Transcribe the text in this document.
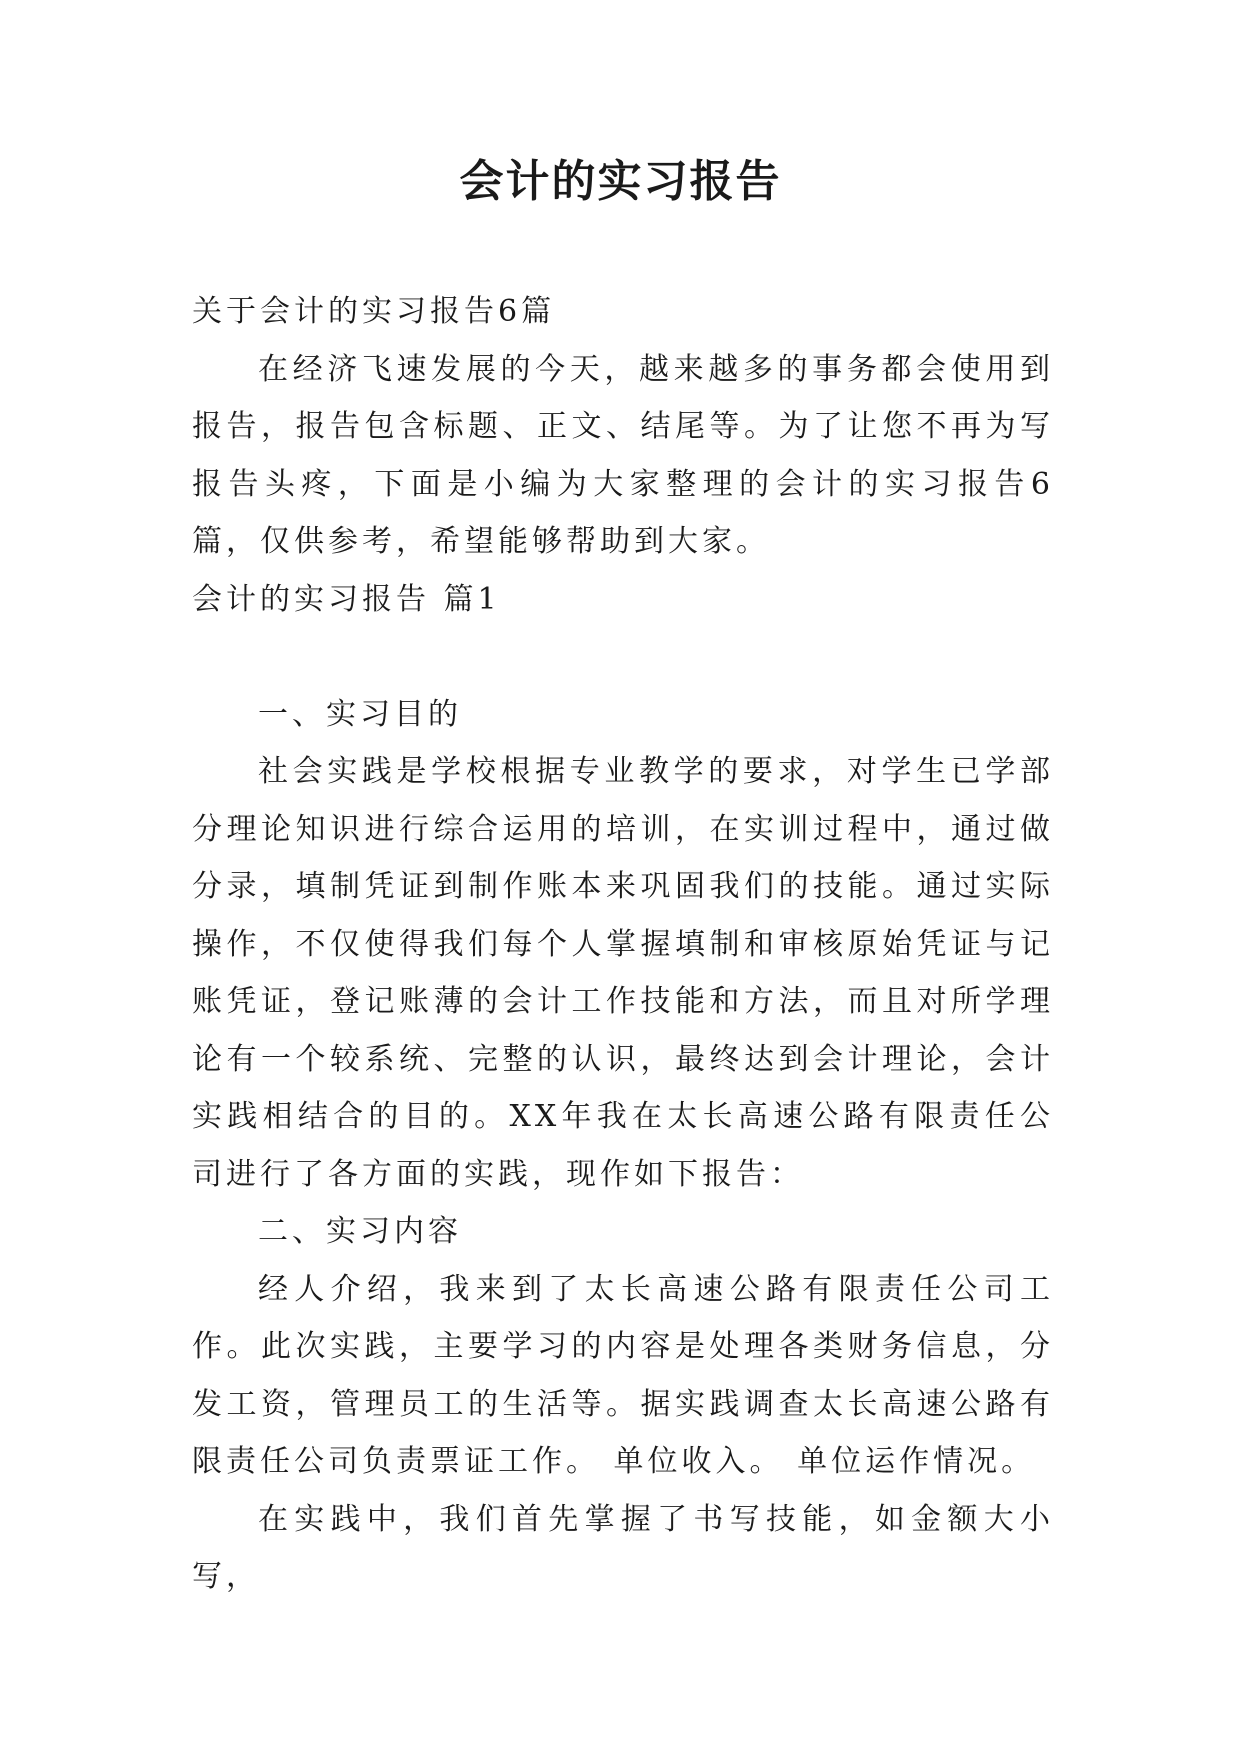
会计的实习报告

关于会计的实习报告6篇

在经济飞速发展的今天，越来越多的事务都会使用到报告，报告包含标题、正文、结尾等。为了让您不再为写报告头疼，下面是小编为大家整理的会计的实习报告6篇，仅供参考，希望能够帮助到大家。

会计的实习报告 篇1

一、实习目的

社会实践是学校根据专业教学的要求，对学生已学部分理论知识进行综合运用的培训，在实训过程中，通过做分录，填制凭证到制作账本来巩固我们的技能。通过实际操作，不仅使得我们每个人掌握填制和审核原始凭证与记账凭证，登记账薄的会计工作技能和方法，而且对所学理论有一个较系统、完整的认识，最终达到会计理论，会计实践相结合的目的。XX年我在太长高速公路有限责任公司进行了各方面的实践，现作如下报告：

二、实习内容

经人介绍，我来到了太长高速公路有限责任公司工作。此次实践，主要学习的内容是处理各类财务信息，分发工资，管理员工的生活等。据实践调查太长高速公路有限责任公司负责票证工作。 单位收入。 单位运作情况。

在实践中，我们首先掌握了书写技能，如金额大小写，
